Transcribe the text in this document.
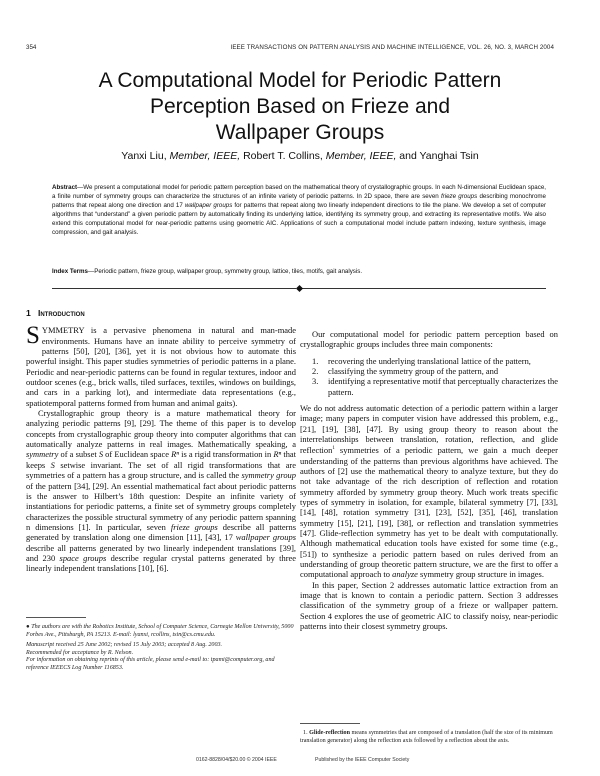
354	IEEE TRANSACTIONS ON PATTERN ANALYSIS AND MACHINE INTELLIGENCE, VOL. 26, NO. 3, MARCH 2004
A Computational Model for Periodic Pattern
Perception Based on Frieze and
Wallpaper Groups
Yanxi Liu, Member, IEEE, Robert T. Collins, Member, IEEE, and Yanghai Tsin
Abstract—We present a computational model for periodic pattern perception based on the mathematical theory of crystallographic groups. In each N-dimensional Euclidean space, a finite number of symmetry groups can characterize the structures of an infinite variety of periodic patterns. In 2D space, there are seven frieze groups describing monochrome patterns that repeat along one direction and 17 wallpaper groups for patterns that repeat along two linearly independent directions to tile the plane. We develop a set of computer algorithms that “understand” a given periodic pattern by automatically finding its underlying lattice, identifying its symmetry group, and extracting its representative motifs. We also extend this computational model for near-periodic patterns using geometric AIC. Applications of such a computational model include pattern indexing, texture synthesis, image compression, and gait analysis.
Index Terms—Periodic pattern, frieze group, wallpaper group, symmetry group, lattice, tiles, motifs, gait analysis.
1 Introduction

SYMMETRY is a pervasive phenomena in natural and man-made environments. Humans have an innate ability to perceive symmetry of patterns [50], [20], [36], yet it is not obvious how to automate this powerful insight. This paper studies symmetries of periodic patterns in a plane. Periodic and near-periodic patterns can be found in regular textures, indoor and outdoor scenes (e.g., brick walls, tiled surfaces, textiles, windows on buildings, and cars in a parking lot), and intermediate data representations (e.g., spatiotemporal patterns formed from human and animal gaits).

Crystallographic group theory is a mature mathematical theory for analyzing periodic patterns [9], [29]. The theme of this paper is to develop concepts from crystallographic group theory into computer algorithms that can automatically analyze patterns in real images. Mathematically speaking, a symmetry of a subset S of Euclidean space Rⁿ is a rigid transformation in Rⁿ that keeps S setwise invariant. The set of all rigid transformations that are symmetries of a pattern has a group structure, and is called the symmetry group of the pattern [34], [29]. An essential mathematical fact about periodic patterns is the answer to Hilbert’s 18th question: Despite an infinite variety of instantiations for periodic patterns, a finite set of symmetry groups completely characterizes the possible structural symmetry of any periodic pattern spanning n dimensions [1]. In particular, seven frieze groups describe all patterns generated by translation along one dimension [11], [43], 17 wallpaper groups describe all patterns generated by two linearly independent translations [39], and 230 space groups describe regular crystal patterns generated by three linearly independent translations [10], [6].

● The authors are with the Robotics Institute, School of Computer Science, Carnegie Mellon University, 5000 Forbes Ave., Pittsburgh, PA 15213. E-mail: lyanxi, rcollins, tsin@cs.cmu.edu.
Manuscript received 25 June 2002; revised 15 July 2003; accepted 8 Aug. 2003.
Recommended for acceptance by R. Nelson.
For information on obtaining reprints of this article, please send e-mail to: tpami@computer.org, and reference IEEECS Log Number 116853.

Our computational model for periodic pattern perception based on crystallographic groups includes three main components:

1. recovering the underlying translational lattice of the pattern,
2. classifying the symmetry group of the pattern, and
3. identifying a representative motif that perceptually characterizes the pattern.

We do not address automatic detection of a periodic pattern within a larger image; many papers in computer vision have addressed this problem, e.g., [21], [19], [38], [47]. By using group theory to reason about the interrelationships between translation, rotation, reflection, and glide reflection$^1$ symmetries of a periodic pattern, we gain a much deeper understanding of the patterns than previous algorithms have achieved. The authors of [2] use the mathematical theory to analyze texture, but they do not take advantage of the rich description of reflection and rotation symmetry afforded by symmetry group theory. Much work treats specific types of symmetry in isolation, for example, bilateral symmetry [7], [33], [14], [48], rotation symmetry [31], [23], [52], [35], [46], translation symmetry [15], [21], [19], [38], or reflection and translation symmetries [47]. Glide-reflection symmetry has yet to be dealt with computationally. Although mathematical education tools have existed for some time (e.g., [51]) to synthesize a periodic pattern based on rules derived from an understanding of group theoretic pattern structure, we are the first to offer a computational approach to analyze symmetry group structure in images.

In this paper, Section 2 addresses automatic lattice extraction from an image that is known to contain a periodic pattern. Section 3 addresses classification of the symmetry group of a frieze or wallpaper pattern. Section 4 explores the use of geometric AIC to classify noisy, near-periodic patterns into their closest symmetry groups.

1. Glide-reflection means symmetries that are composed of a translation (half the size of its minimum translation generator) along the reflection axis followed by a reflection about the axis.
0162-8828/04/$20.00 © 2004 IEEE	Published by the IEEE Computer Society
